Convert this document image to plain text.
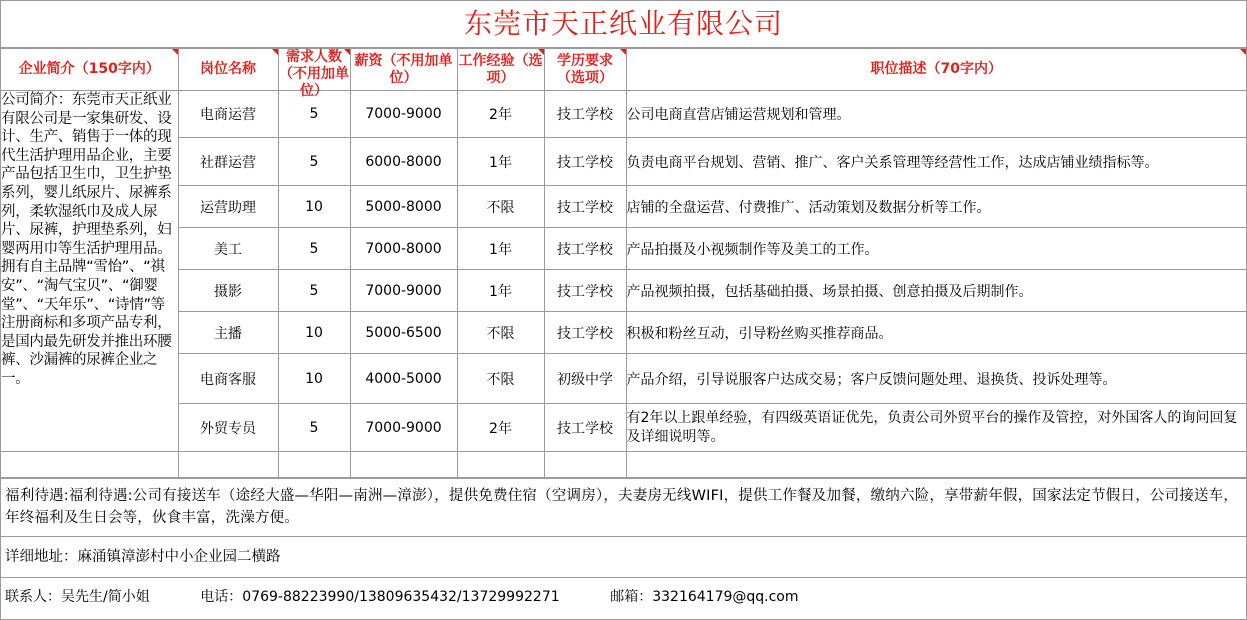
东莞市天正纸业有限公司
企业简介（150字内）	岗位名称	需求人数（不用加单位）	薪资（不用加单位）	工作经验（选项）	学历要求（选项）	职位描述（70字内）

公司简介：东莞市天正纸业有限公司是一家集研发、设计、生产、销售于一体的现代生活护理用品企业，主要产品包括卫生巾，卫生护垫系列，婴儿纸尿片、尿裤系列，柔软湿纸巾及成人尿片、尿裤，护理垫系列，妇婴两用巾等生活护理用品。拥有自主品牌“雪怡”、“祺安”、“淘气宝贝”、“御婴堂”、“天年乐”、“诗情”等注册商标和多项产品专利，是国内最先研发并推出环腰裤、沙漏裤的尿裤企业之一。	电商运营	5	7000-9000	2年	技工学校	公司电商直营店铺运营规划和管理。
	社群运营	5	6000-8000	1年	技工学校	负责电商平台规划、营销、推广、客户关系管理等经营性工作，达成店铺业绩指标等。
	运营助理	10	5000-8000	不限	技工学校	店铺的全盘运营、付费推广、活动策划及数据分析等工作。
	美工	5	7000-8000	1年	技工学校	产品拍摄及小视频制作等及美工的工作。
	摄影	5	7000-9000	1年	技工学校	产品视频拍摄，包括基础拍摄、场景拍摄、创意拍摄及后期制作。
	主播	10	5000-6500	不限	技工学校	积极和粉丝互动，引导粉丝购买推荐商品。
	电商客服	10	4000-5000	不限	初级中学	产品介绍，引导说服客户达成交易；客户反馈问题处理、退换货、投诉处理等。
	外贸专员	5	7000-9000	2年	技工学校	有2年以上跟单经验，有四级英语证优先，负责公司外贸平台的操作及管控，对外国客人的询问回复及详细说明等。

福利待遇:福利待遇:公司有接送车（途经大盛—华阳—南洲—漳澎），提供免费住宿（空调房），夫妻房无线WIFI，提供工作餐及加餐，缴纳六险，享带薪年假，国家法定节假日，公司接送车，年终福利及生日会等，伙食丰富，洗澡方便。
详细地址：麻涌镇漳澎村中小企业园二横路
联系人：吴先生/简小姐	电话：0769-88223990/13809635432/13729992271	邮箱：332164179@qq.com
